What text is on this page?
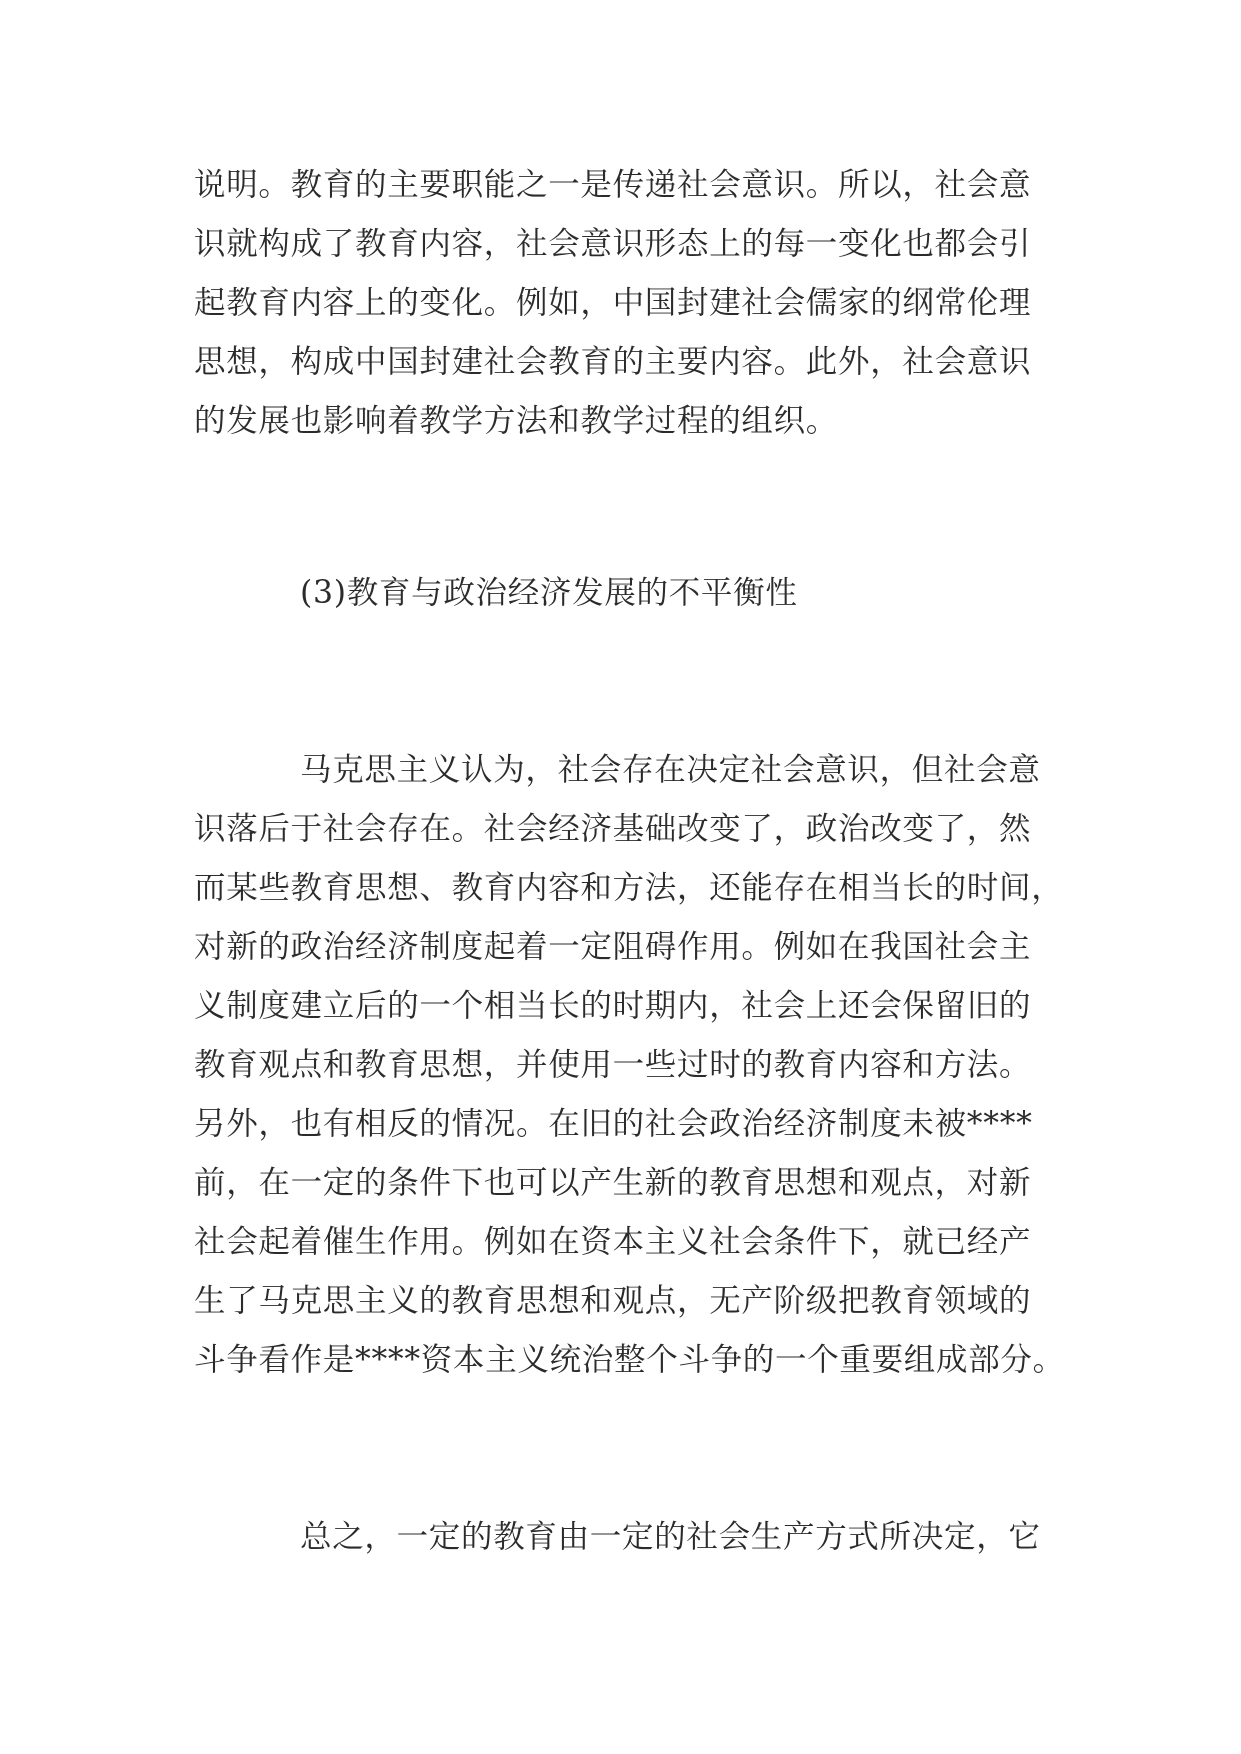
说明。教育的主要职能之一是传递社会意识。所以，社会意
识就构成了教育内容，社会意识形态上的每一变化也都会引
起教育内容上的变化。例如，中国封建社会儒家的纲常伦理
思想，构成中国封建社会教育的主要内容。此外，社会意识
的发展也影响着教学方法和教学过程的组织。
(3)教育与政治经济发展的不平衡性
马克思主义认为，社会存在决定社会意识，但社会意
识落后于社会存在。社会经济基础改变了，政治改变了，然
而某些教育思想、教育内容和方法，还能存在相当长的时间，
对新的政治经济制度起着一定阻碍作用。例如在我国社会主
义制度建立后的一个相当长的时期内，社会上还会保留旧的
教育观点和教育思想，并使用一些过时的教育内容和方法。
另外，也有相反的情况。在旧的社会政治经济制度未被****
前，在一定的条件下也可以产生新的教育思想和观点，对新
社会起着催生作用。例如在资本主义社会条件下，就已经产
生了马克思主义的教育思想和观点，无产阶级把教育领域的
斗争看作是****资本主义统治整个斗争的一个重要组成部分。
总之，一定的教育由一定的社会生产方式所决定，它
